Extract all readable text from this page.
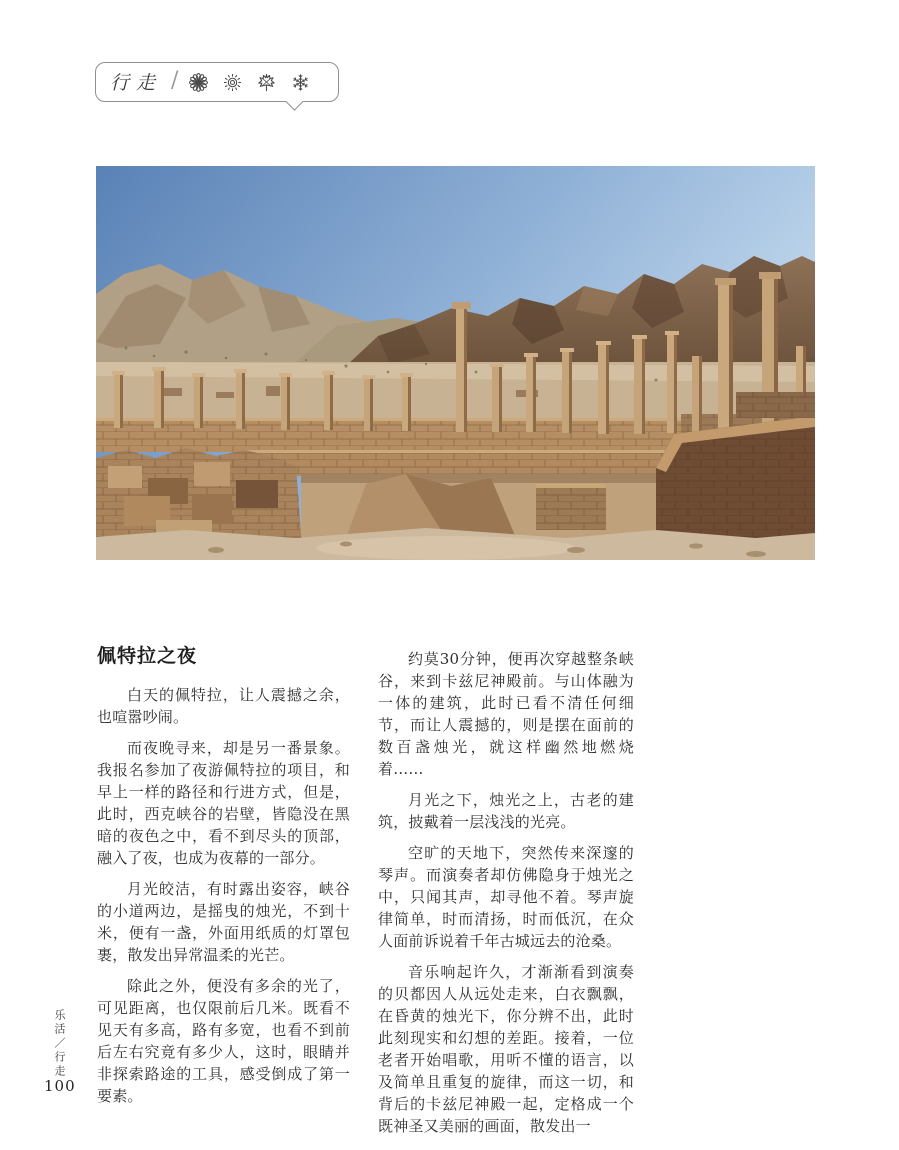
行走 /
佩特拉之夜

白天的佩特拉，让人震撼之余，也喧嚣吵闹。

而夜晚寻来，却是另一番景象。我报名参加了夜游佩特拉的项目，和早上一样的路径和行进方式，但是，此时，西克峡谷的岩壁，皆隐没在黑暗的夜色之中，看不到尽头的顶部，融入了夜，也成为夜幕的一部分。

月光皎洁，有时露出姿容，峡谷的小道两边，是摇曳的烛光，不到十米，便有一盏，外面用纸质的灯罩包裹，散发出异常温柔的光芒。

除此之外，便没有多余的光了，可见距离，也仅限前后几米。既看不见天有多高，路有多宽，也看不到前后左右究竟有多少人，这时，眼睛并非探索路途的工具，感受倒成了第一要素。

约莫30分钟，便再次穿越整条峡谷，来到卡兹尼神殿前。与山体融为一体的建筑，此时已看不清任何细节，而让人震撼的，则是摆在面前的数百盏烛光，就这样幽然地燃烧着……

月光之下，烛光之上，古老的建筑，披戴着一层浅浅的光亮。

空旷的天地下，突然传来深邃的琴声。而演奏者却仿佛隐身于烛光之中，只闻其声，却寻他不着。琴声旋律简单，时而清扬，时而低沉，在众人面前诉说着千年古城远去的沧桑。

音乐响起许久，才渐渐看到演奏的贝都因人从远处走来，白衣飘飘，在昏黄的烛光下，你分辨不出，此时此刻现实和幻想的差距。接着，一位老者开始唱歌，用听不懂的语言，以及简单且重复的旋律，而这一切，和背后的卡兹尼神殿一起，定格成一个既神圣又美丽的画面，散发出一

乐活／行走
100
